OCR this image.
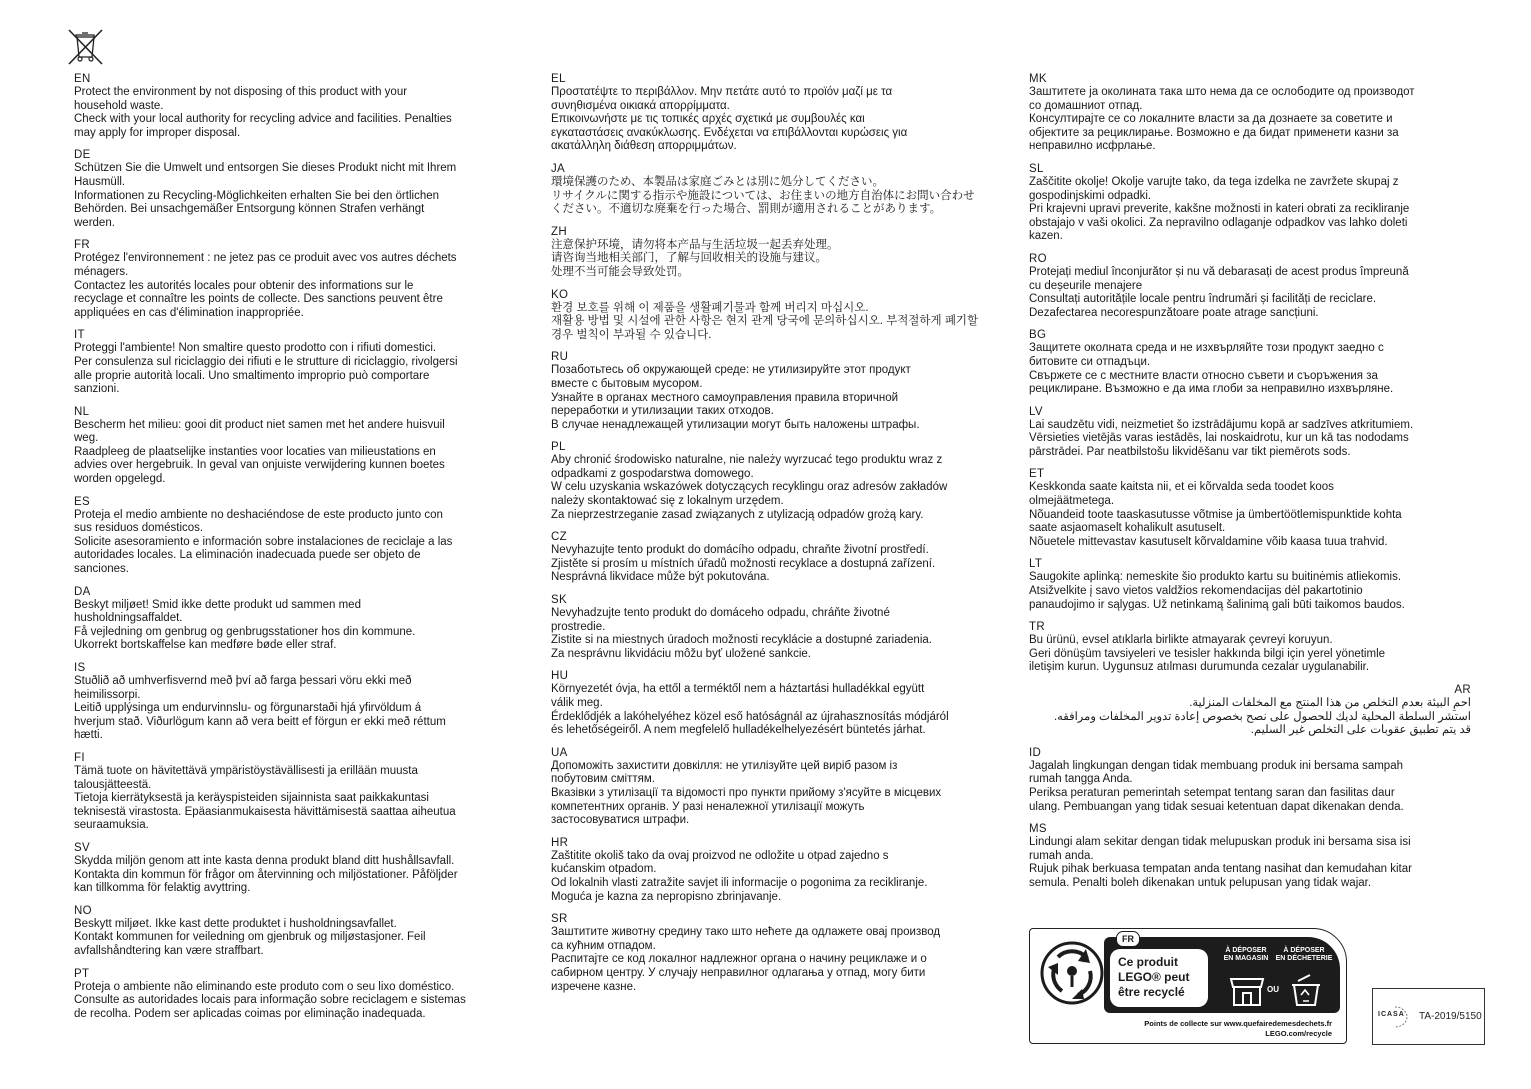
EN
Protect the environment by not disposing of this product with your
household waste.
Check with your local authority for recycling advice and facilities. Penalties
may apply for improper disposal.
DE
Schützen Sie die Umwelt und entsorgen Sie dieses Produkt nicht mit Ihrem
Hausmüll.
Informationen zu Recycling-Möglichkeiten erhalten Sie bei den örtlichen
Behörden. Bei unsachgemäßer Entsorgung können Strafen verhängt
werden.
FR
Protégez l'environnement : ne jetez pas ce produit avec vos autres déchets
ménagers.
Contactez les autorités locales pour obtenir des informations sur le
recyclage et connaître les points de collecte. Des sanctions peuvent être
appliquées en cas d'élimination inappropriée.
IT
Proteggi l'ambiente! Non smaltire questo prodotto con i rifiuti domestici.
Per consulenza sul riciclaggio dei rifiuti e le strutture di riciclaggio, rivolgersi
alle proprie autorità locali. Uno smaltimento improprio può comportare
sanzioni.
NL
Bescherm het milieu: gooi dit product niet samen met het andere huisvuil
weg.
Raadpleeg de plaatselijke instanties voor locaties van milieustations en
advies over hergebruik. In geval van onjuiste verwijdering kunnen boetes
worden opgelegd.
ES
Proteja el medio ambiente no deshaciéndose de este producto junto con
sus residuos domésticos.
Solicite asesoramiento e información sobre instalaciones de reciclaje a las
autoridades locales. La eliminación inadecuada puede ser objeto de
sanciones.
DA
Beskyt miljøet! Smid ikke dette produkt ud sammen med
husholdningsaffaldet.
Få vejledning om genbrug og genbrugsstationer hos din kommune.
Ukorrekt bortskaffelse kan medføre bøde eller straf.
IS
Stuðlið að umhverfisvernd með því að farga þessari vöru ekki með
heimilissorpi.
Leitið upplýsinga um endurvinnslu- og förgunarstaði hjá yfirvöldum á
hverjum stað. Viðurlögum kann að vera beitt ef förgun er ekki með réttum
hætti.
FI
Tämä tuote on hävitettävä ympäristöystävällisesti ja erillään muusta
talousjätteestä.
Tietoja kierrätyksestä ja keräyspisteiden sijainnista saat paikkakuntasi
teknisestä virastosta. Epäasianmukaisesta hävittämisestä saattaa aiheutua
seuraamuksia.
SV
Skydda miljön genom att inte kasta denna produkt bland ditt hushållsavfall.
Kontakta din kommun för frågor om återvinning och miljöstationer. Påföljder
kan tillkomma för felaktig avyttring.
NO
Beskytt miljøet. Ikke kast dette produktet i husholdningsavfallet.
Kontakt kommunen for veiledning om gjenbruk og miljøstasjoner. Feil
avfallshåndtering kan være straffbart.
PT
Proteja o ambiente não eliminando este produto com o seu lixo doméstico.
Consulte as autoridades locais para informação sobre reciclagem e sistemas
de recolha. Podem ser aplicadas coimas por eliminação inadequada.
EL
Προστατέψτε το περιβάλλον. Μην πετάτε αυτό το προϊόν μαζί με τα
συνηθισμένα οικιακά απορρίμματα.
Επικοινωνήστε με τις τοπικές αρχές σχετικά με συμβουλές και
εγκαταστάσεις ανακύκλωσης. Ενδέχεται να επιβάλλονται κυρώσεις για
ακατάλληλη διάθεση απορριμμάτων.
JA
環境保護のため、本製品は家庭ごみとは別に処分してください。
リサイクルに関する指示や施設については、お住まいの地方自治体にお問い合わせ
ください。不適切な廃棄を行った場合、罰則が適用されることがあります。
ZH
注意保护环境，请勿将本产品与生活垃圾一起丢弃处理。
请咨询当地相关部门，了解与回收相关的设施与建议。
处理不当可能会导致处罚。
KO
환경 보호를 위해 이 제품을 생활폐기물과 함께 버리지 마십시오.
재활용 방법 및 시설에 관한 사항은 현지 관계 당국에 문의하십시오. 부적절하게 폐기할
경우 벌칙이 부과될 수 있습니다.
RU
Позаботьтесь об окружающей среде: не утилизируйте этот продукт
вместе с бытовым мусором.
Узнайте в органах местного самоуправления правила вторичной
переработки и утилизации таких отходов.
В случае ненадлежащей утилизации могут быть наложены штрафы.
PL
Aby chronić środowisko naturalne, nie należy wyrzucać tego produktu wraz z
odpadkami z gospodarstwa domowego.
W celu uzyskania wskazówek dotyczących recyklingu oraz adresów zakładów
należy skontaktować się z lokalnym urzędem.
Za nieprzestrzeganie zasad związanych z utylizacją odpadów grożą kary.
CZ
Nevyhazujte tento produkt do domácího odpadu, chraňte životní prostředí.
Zjistěte si prosím u místních úřadů možnosti recyklace a dostupná zařízení.
Nesprávná likvidace může být pokutována.
SK
Nevyhadzujte tento produkt do domáceho odpadu, chráňte životné
prostredie.
Zistite si na miestnych úradoch možnosti recyklácie a dostupné zariadenia.
Za nesprávnu likvidáciu môžu byť uložené sankcie.
HU
Környezetét óvja, ha ettől a terméktől nem a háztartási hulladékkal együtt
válik meg.
Érdeklődjék a lakóhelyéhez közel eső hatóságnál az újrahasznosítás módjáról
és lehetőségeiről. A nem megfelelő hulladékelhelyezésért büntetés járhat.
UA
Допоможіть захистити довкілля: не утилізуйте цей виріб разом із
побутовим сміттям.
Вказівки з утилізації та відомості про пункти прийому з'ясуйте в місцевих
компетентних органів. У разі неналежної утилізації можуть
застосовуватися штрафи.
HR
Zaštitite okoliš tako da ovaj proizvod ne odložite u otpad zajedno s
kućanskim otpadom.
Od lokalnih vlasti zatražite savjet ili informacije o pogonima za recikliranje.
Moguća je kazna za nepropisno zbrinjavanje.
SR
Заштитите животну средину тако што нећете да одлажете овај производ
са кућним отпадом.
Распитајте се код локалног надлежног органа о начину рециклаже и о
сабирном центру. У случају неправилног одлагања у отпад, могу бити
изречене казне.
MK
Заштитете ја околината така што нема да се ослободите од производот
со домашниот отпад.
Консултирајте се со локалните власти за да дознаете за советите и
објектите за рециклирање. Возможно е да бидат применети казни за
неправилно исфрлање.
SL
Zaščitite okolje! Okolje varujte tako, da tega izdelka ne zavržete skupaj z
gospodinjskimi odpadki.
Pri krajevni upravi preverite, kakšne možnosti in kateri obrati za recikliranje
obstajajo v vaši okolici. Za nepravilno odlaganje odpadkov vas lahko doleti
kazen.
RO
Protejați mediul înconjurător și nu vă debarasați de acest produs împreună
cu deșeurile menajere
Consultați autoritățile locale pentru îndrumări și facilități de reciclare.
Dezafectarea necorespunzătoare poate atrage sancțiuni.
BG
Защитете околната среда и не изхвърляйте този продукт заедно с
битовите си отпадъци.
Свържете се с местните власти относно съвети и съоръжения за
рециклиране. Възможно е да има глоби за неправилно изхвърляне.
LV
Lai saudzētu vidi, neizmetiet šo izstrādājumu kopā ar sadzīves atkritumiem.
Vērsieties vietējās varas iestādēs, lai noskaidrotu, kur un kā tas nododams
pārstrādei. Par neatbilstošu likvidēšanu var tikt piemērots sods.
ET
Keskkonda saate kaitsta nii, et ei kõrvalda seda toodet koos
olmejäätmetega.
Nõuandeid toote taaskasutusse võtmise ja ümbertöötlemispunktide kohta
saate asjaomaselt kohalikult asutuselt.
Nõuetele mittevastav kasutuselt kõrvaldamine võib kaasa tuua trahvid.
LT
Saugokite aplinką: nemeskite šio produkto kartu su buitinėmis atliekomis.
Atsižvelkite į savo vietos valdžios rekomendacijas dėl pakartotinio
panaudojimo ir sąlygas. Už netinkamą šalinimą gali būti taikomos baudos.
TR
Bu ürünü, evsel atıklarla birlikte atmayarak çevreyi koruyun.
Geri dönüşüm tavsiyeleri ve tesisler hakkında bilgi için yerel yönetimle
iletişim kurun. Uygunsuz atılması durumunda cezalar uygulanabilir.
AR
احمِ البيئة بعدم التخلص من هذا المنتج مع المخلفات المنزلية.
استشر السلطة المحلية لديك للحصول على نصح بخصوص إعادة تدوير المخلفات ومرافقه.
قد يتم تطبيق عقوبات على التخلص غير السليم.
ID
Jagalah lingkungan dengan tidak membuang produk ini bersama sampah
rumah tangga Anda.
Periksa peraturan pemerintah setempat tentang saran dan fasilitas daur
ulang. Pembuangan yang tidak sesuai ketentuan dapat dikenakan denda.
MS
Lindungi alam sekitar dengan tidak melupuskan produk ini bersama sisa isi
rumah anda.
Rujuk pihak berkuasa tempatan anda tentang nasihat dan kemudahan kitar
semula. Penalti boleh dikenakan untuk pelupusan yang tidak wajar.
FR
Ce produit
LEGO® peut
être recyclé
À DÉPOSER
EN MAGASIN
À DÉPOSER
EN DÉCHETERIE
OU
Points de collecte sur www.quefairedemesdechets.fr
LEGO.com/recycle
ICASA TA-2019/5150
